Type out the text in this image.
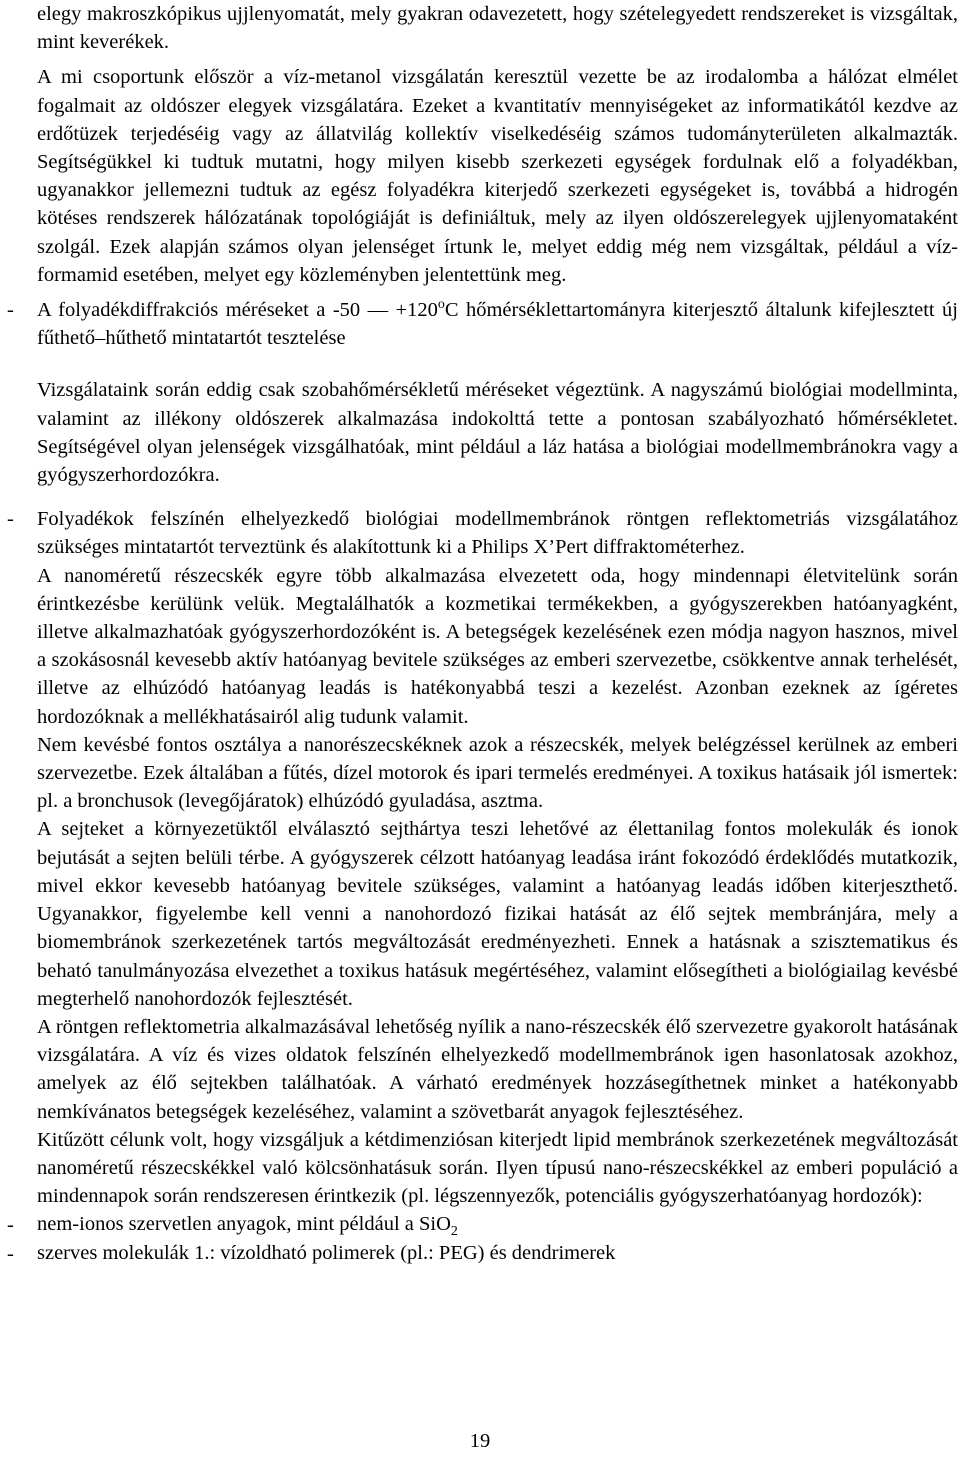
elegy makroszkópikus ujjlenyomatát, mely gyakran odavezetett, hogy szételegyedett rendszereket is vizsgáltak, mint keverékek.

A mi csoportunk először a víz-metanol vizsgálatán keresztül vezette be az irodalomba a hálózat elmélet fogalmait az oldószer elegyek vizsgálatára. Ezeket a kvantitatív mennyiségeket az informatikától kezdve az erdőtüzek terjedéséig vagy az állatvilág kollektív viselkedéséig számos tudományterületen alkalmazták. Segítségükkel ki tudtuk mutatni, hogy milyen kisebb szerkezeti egységek fordulnak elő a folyadékban, ugyanakkor jellemezni tudtuk az egész folyadékra kiterjedő szerkezeti egységeket is, továbbá a hidrogén kötéses rendszerek hálózatának topológiáját is definiáltuk, mely az ilyen oldószerelegyek ujjlenyomataként szolgál. Ezek alapján számos olyan jelenséget írtunk le, melyet eddig még nem vizsgáltak, például a víz-formamid esetében, melyet egy közleményben jelentettünk meg.

- A folyadékdiffrakciós méréseket a -50 — $+120^oC$ hőmérséklettartományra kiterjesztő általunk kifejlesztett új fűthető–hűthető mintatartót tesztelése

Vizsgálataink során eddig csak szobahőmérsékletű méréseket végeztünk. A nagyszámú biológiai modellminta, valamint az illékony oldószerek alkalmazása indokolttá tette a pontosan szabályozható hőmérsékletet. Segítségével olyan jelenségek vizsgálhatóak, mint például a láz hatása a biológiai modellmembránokra vagy a gyógyszerhordozókra.

- Folyadékok felszínén elhelyezkedő biológiai modellmembránok röntgen reflektometriás vizsgálatához szükséges mintatartót terveztünk és alakítottunk ki a Philips X’Pert diffraktométerhez.

A nanoméretű részecskék egyre több alkalmazása elvezetett oda, hogy mindennapi életvitelünk során érintkezésbe kerülünk velük. Megtalálhatók a kozmetikai termékekben, a gyógyszerekben hatóanyagként, illetve alkalmazhatóak gyógyszerhordozóként is. A betegségek kezelésének ezen módja nagyon hasznos, mivel a szokásosnál kevesebb aktív hatóanyag bevitele szükséges az emberi szervezetbe, csökkentve annak terhelését, illetve az elhúzódó hatóanyag leadás is hatékonyabbá teszi a kezelést. Azonban ezeknek az ígéretes hordozóknak a mellékhatásairól alig tudunk valamit.

Nem kevésbé fontos osztálya a nanorészecskéknek azok a részecskék, melyek belégzéssel kerülnek az emberi szervezetbe. Ezek általában a fűtés, dízel motorok és ipari termelés eredményei. A toxikus hatásaik jól ismertek: pl. a bronchusok (levegőjáratok) elhúzódó gyuladása, asztma.

A sejteket a környezetüktől elválasztó sejthártya teszi lehetővé az élettanilag fontos molekulák és ionok bejutását a sejten belüli térbe. A gyógyszerek célzott hatóanyag leadása iránt fokozódó érdeklődés mutatkozik, mivel ekkor kevesebb hatóanyag bevitele szükséges, valamint a hatóanyag leadás időben kiterjeszthető. Ugyanakkor, figyelembe kell venni a nanohordozó fizikai hatását az élő sejtek membránjára, mely a biomembránok szerkezetének tartós megváltozását eredményezheti. Ennek a hatásnak a szisztematikus és beható tanulmányozása elvezethet a toxikus hatásuk megértéséhez, valamint elősegítheti a biológiailag kevésbé megterhelő nanohordozók fejlesztését.

A röntgen reflektometria alkalmazásával lehetőség nyílik a nano-részecskék élő szervezetre gyakorolt hatásának vizsgálatára. A víz és vizes oldatok felszínén elhelyezkedő modellmembránok igen hasonlatosak azokhoz, amelyek az élő sejtekben találhatóak. A várható eredmények hozzásegíthetnek minket a hatékonyabb nemkívánatos betegségek kezeléséhez, valamint a szövetbarát anyagok fejlesztéséhez.

Kitűzött célunk volt, hogy vizsgáljuk a kétdimenziósan kiterjedt lipid membránok szerkezetének megváltozását nanoméretű részecskékkel való kölcsönhatásuk során. Ilyen típusú nano-részecskékkel az emberi populáció a mindennapok során rendszeresen érintkezik (pl. légszennyezők, potenciális gyógyszerhatóanyag hordozók):

- nem-ionos szervetlen anyagok, mint például a SiO$_2$
- szerves molekulák 1.: vízoldható polimerek (pl.: PEG) és dendrimerek
19
